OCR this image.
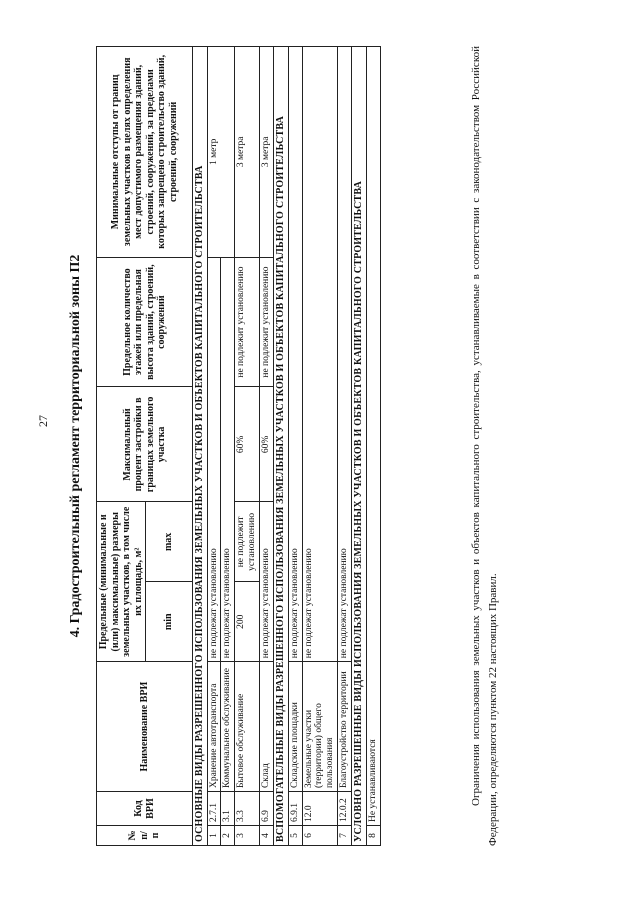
27 4. Градостроительный регламент территориальной зоны П2
№ п/п	Код ВРИ	Наименование ВРИ	Предельные (минимальные и (или) максимальные) размеры земельных участков, в том числе их площадь, м²		Максимальный процент застройки в границах земельного участка	Предельное количество этажей или предельная высота зданий, строений, сооружений	Минимальные отступы от границ земельных участков в целях определения мест допустимого размещения зданий, строений, сооружений, за пределами которых запрещено строительство зданий, строений, сооружений
			min	max			
ОСНОВНЫЕ ВИДЫ РАЗРЕШЕННОГО ИСПОЛЬЗОВАНИЯ ЗЕМЕЛЬНЫХ УЧАСТКОВ И ОБЪЕКТОВ КАПИТАЛЬНОГО СТРОИТЕЛЬСТВА							
1	2.7.1	Хранение автотранспорта	не подлежат установлению				1 метр
2	3.1	Коммунальное обслуживание	не подлежат установлению				
3	3.3	Бытовое обслуживание	200	не подлежит установлению	60%	не подлежит установлению	3 метра
4	6.9	Склад	не подлежат установлению		60%	не подлежит установлению	3 метра
ВСПОМОГАТЕЛЬНЫЕ ВИДЫ РАЗРЕШЕННОГО ИСПОЛЬЗОВАНИЯ ЗЕМЕЛЬНЫХ УЧАСТКОВ И ОБЪЕКТОВ КАПИТАЛЬНОГО СТРОИТЕЛЬСТВА							
5	6.9.1	Складские площадки	не подлежат установлению				
6	12.0	Земельные участки (территории) общего пользования	не подлежат установлению				
7	12.0.2	Благоустройство территории	не подлежат установлению				
УСЛОВНО РАЗРЕШЕННЫЕ ВИДЫ ИСПОЛЬЗОВАНИЯ ЗЕМЕЛЬНЫХ УЧАСТКОВ И ОБЪЕКТОВ КАПИТАЛЬНОГО СТРОИТЕЛЬСТВА							
8	Не устанавливаются							Ограничения использования земельных участков и объектов капитального строительства, устанавливаемые в соответствии с законодательством Российской Федерации, определяются пунктом 22 настоящих Правил.
